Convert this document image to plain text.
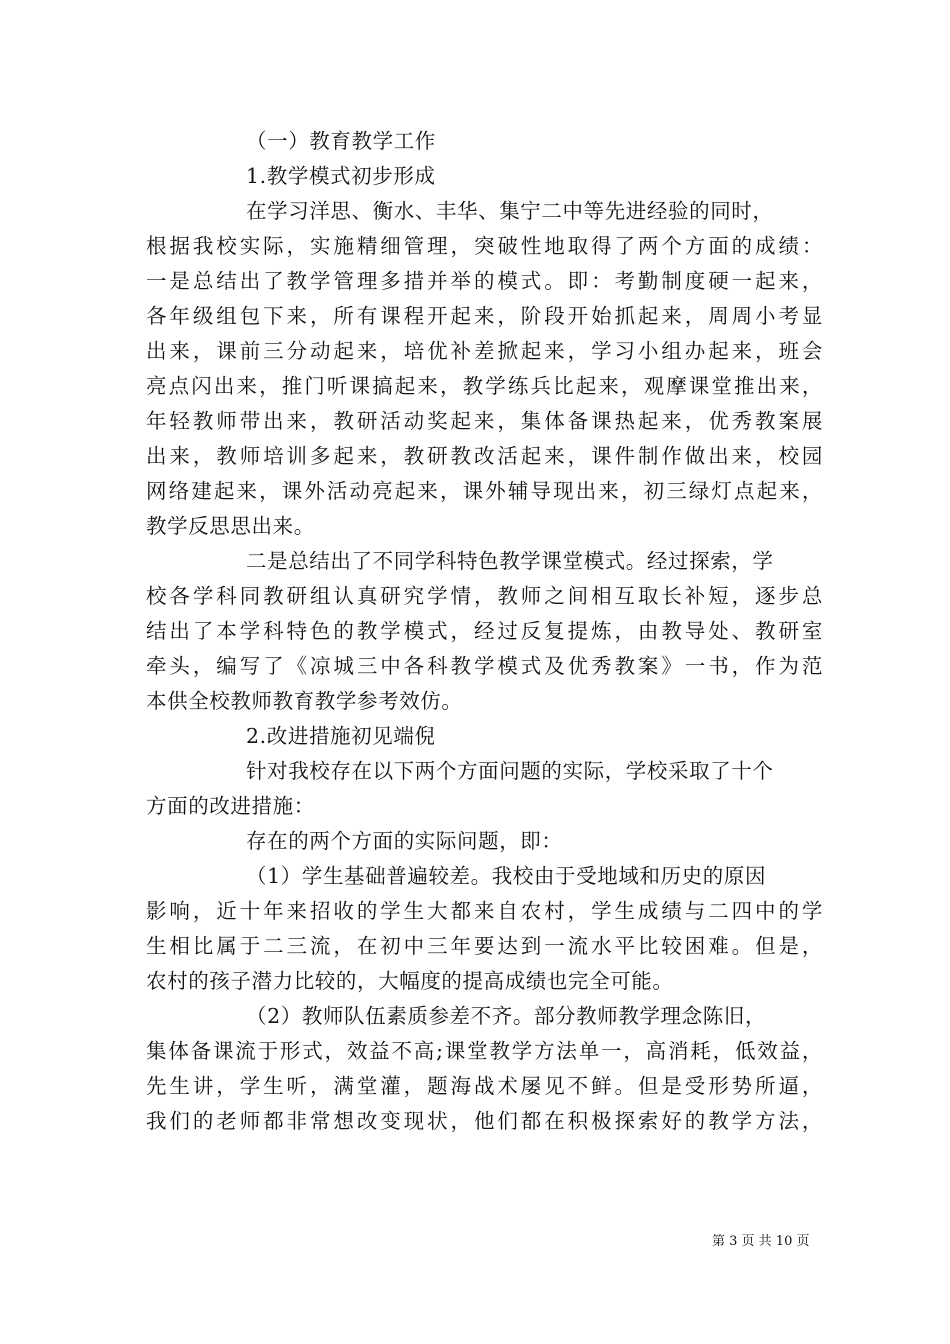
（一）教育教学工作
1.教学模式初步形成
在学习洋思、衡水、丰华、集宁二中等先进经验的同时，
根据我校实际，实施精细管理，突破性地取得了两个方面的成绩：
一是总结出了教学管理多措并举的模式。即：考勤制度硬一起来，
各年级组包下来，所有课程开起来，阶段开始抓起来，周周小考显
出来，课前三分动起来，培优补差掀起来，学习小组办起来，班会
亮点闪出来，推门听课搞起来，教学练兵比起来，观摩课堂推出来，
年轻教师带出来，教研活动奖起来，集体备课热起来，优秀教案展
出来，教师培训多起来，教研教改活起来，课件制作做出来，校园
网络建起来，课外活动亮起来，课外辅导现出来，初三绿灯点起来，
教学反思思出来。
二是总结出了不同学科特色教学课堂模式。经过探索，学
校各学科同教研组认真研究学情，教师之间相互取长补短，逐步总
结出了本学科特色的教学模式，经过反复提炼，由教导处、教研室
牵头，编写了《凉城三中各科教学模式及优秀教案》一书，作为范
本供全校教师教育教学参考效仿。
2.改进措施初见端倪
针对我校存在以下两个方面问题的实际，学校采取了十个
方面的改进措施：
存在的两个方面的实际问题，即：
（1）学生基础普遍较差。我校由于受地域和历史的原因
影响，近十年来招收的学生大都来自农村，学生成绩与二四中的学
生相比属于二三流，在初中三年要达到一流水平比较困难。但是，
农村的孩子潜力比较的，大幅度的提高成绩也完全可能。
（2）教师队伍素质参差不齐。部分教师教学理念陈旧，
集体备课流于形式，效益不高;课堂教学方法单一，高消耗，低效益，
先生讲，学生听，满堂灌，题海战术屡见不鲜。但是受形势所逼，
我们的老师都非常想改变现状，他们都在积极探索好的教学方法，
第 3 页 共 10 页
